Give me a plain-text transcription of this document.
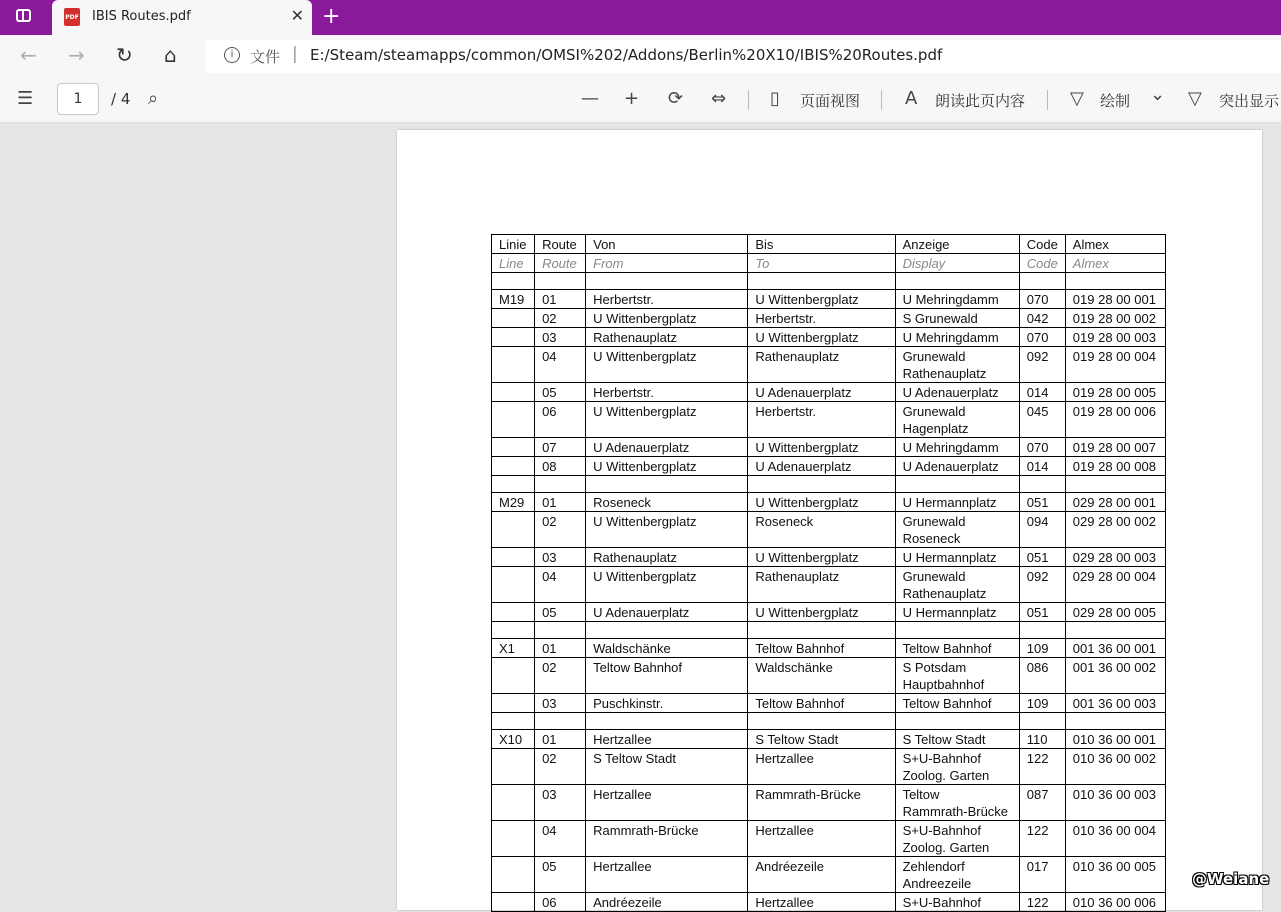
PDF IBIS Routes.pdf	✕ +
← → ↻ ⌂	i	文件 | E:/Steam/steamapps/common/OMSI%202/Addons/Berlin%20X10/IBIS%20Routes.pdf
☰	1	/ 4 ⌕	— + ⟳ ⇔ ▯ 页面视图 A 朗读此页内容 ▽ 绘制 ⌄ ▽ 突出显示
Linie	Route	Von	Bis	Anzeige	Code	Almex
Line	Route	From	To	Display	Code	Almex

M19	01	Herbertstr.	U Wittenbergplatz	U Mehringdamm	070	019 28 00 001
	02	U Wittenbergplatz	Herbertstr.	S Grunewald	042	019 28 00 002
	03	Rathenauplatz	U Wittenbergplatz	U Mehringdamm	070	019 28 00 003
	04	U Wittenbergplatz	Rathenauplatz	Grunewald
Rathenauplatz	092	019 28 00 004
	05	Herbertstr.	U Adenauerplatz	U Adenauerplatz	014	019 28 00 005
	06	U Wittenbergplatz	Herbertstr.	Grunewald
Hagenplatz	045	019 28 00 006
	07	U Adenauerplatz	U Wittenbergplatz	U Mehringdamm	070	019 28 00 007
	08	U Wittenbergplatz	U Adenauerplatz	U Adenauerplatz	014	019 28 00 008

M29	01	Roseneck	U Wittenbergplatz	U Hermannplatz	051	029 28 00 001
	02	U Wittenbergplatz	Roseneck	Grunewald
Roseneck	094	029 28 00 002
	03	Rathenauplatz	U Wittenbergplatz	U Hermannplatz	051	029 28 00 003
	04	U Wittenbergplatz	Rathenauplatz	Grunewald
Rathenauplatz	092	029 28 00 004
	05	U Adenauerplatz	U Wittenbergplatz	U Hermannplatz	051	029 28 00 005

X1	01	Waldschänke	Teltow Bahnhof	Teltow Bahnhof	109	001 36 00 001
	02	Teltow Bahnhof	Waldschänke	S Potsdam
Hauptbahnhof	086	001 36 00 002
	03	Puschkinstr.	Teltow Bahnhof	Teltow Bahnhof	109	001 36 00 003

X10	01	Hertzallee	S Teltow Stadt	S Teltow Stadt	110	010 36 00 001
	02	S Teltow Stadt	Hertzallee	S+U-Bahnhof
Zoolog. Garten	122	010 36 00 002
	03	Hertzallee	Rammrath-Brücke	Teltow
Rammrath-Brücke	087	010 36 00 003
	04	Rammrath-Brücke	Hertzallee	S+U-Bahnhof
Zoolog. Garten	122	010 36 00 004
	05	Hertzallee	Andréezeile	Zehlendorf
Andreezeile	017	010 36 00 005
	06	Andréezeile	Hertzallee	S+U-Bahnhof	122	010 36 00 006
@Weiane
